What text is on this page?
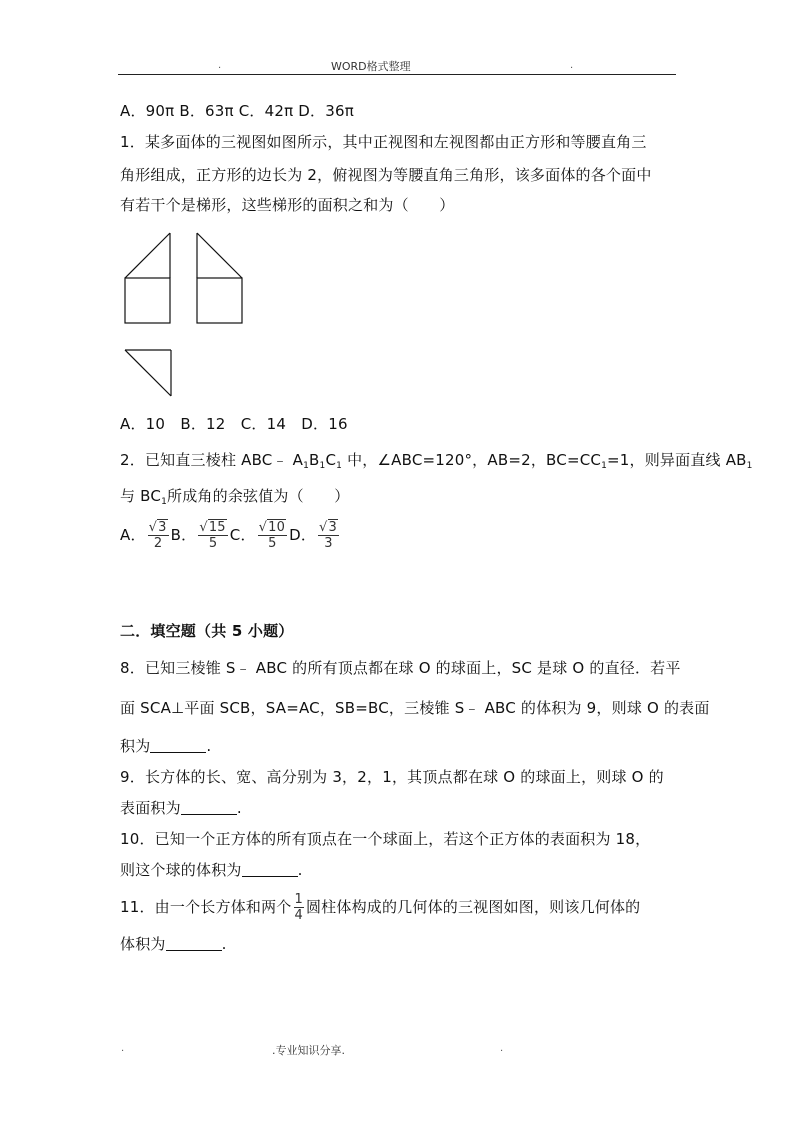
.	WORD格式整理	.
A．90π B．63π C．42π D．36π
1．某多面体的三视图如图所示，其中正视图和左视图都由正方形和等腰直角三
角形组成，正方形的边长为 2，俯视图为等腰直角三角形，该多面体的各个面中
有若干个是梯形，这些梯形的面积之和为（　　）
A．10　B．12　C．14　D．16
2．已知直三棱柱 ABC﹣ $A_1B_1C_1$ 中，∠ABC=120°，AB=2，$BC=CC_1=1$，则异面直线 $AB_1$
与 $BC_1$所成角的余弦值为（　　）
A． $\frac{√3}{2}$ B． $\frac{√15}{5}$ C． $\frac{√10}{5}$ D． $\frac{√3}{3}$
二．填空题（共 5 小题）
8．已知三棱锥 S﹣ ABC 的所有顶点都在球 O 的球面上，SC 是球 O 的直径．若平
面 SCA⊥平面 SCB，SA=AC，SB=BC，三棱锥 S﹣ ABC 的体积为 9，则球 O 的表面
积为	.
9．长方体的长、宽、高分别为 3，2，1，其顶点都在球 O 的球面上，则球 O 的
表面积为	.
10．已知一个正方体的所有顶点在一个球面上，若这个正方体的表面积为 18，
则这个球的体积为	.
11．由一个长方体和两个 $\frac{1}{4}$ 圆柱体构成的几何体的三视图如图，则该几何体的
体积为	.
.	.专业知识分享.	.
